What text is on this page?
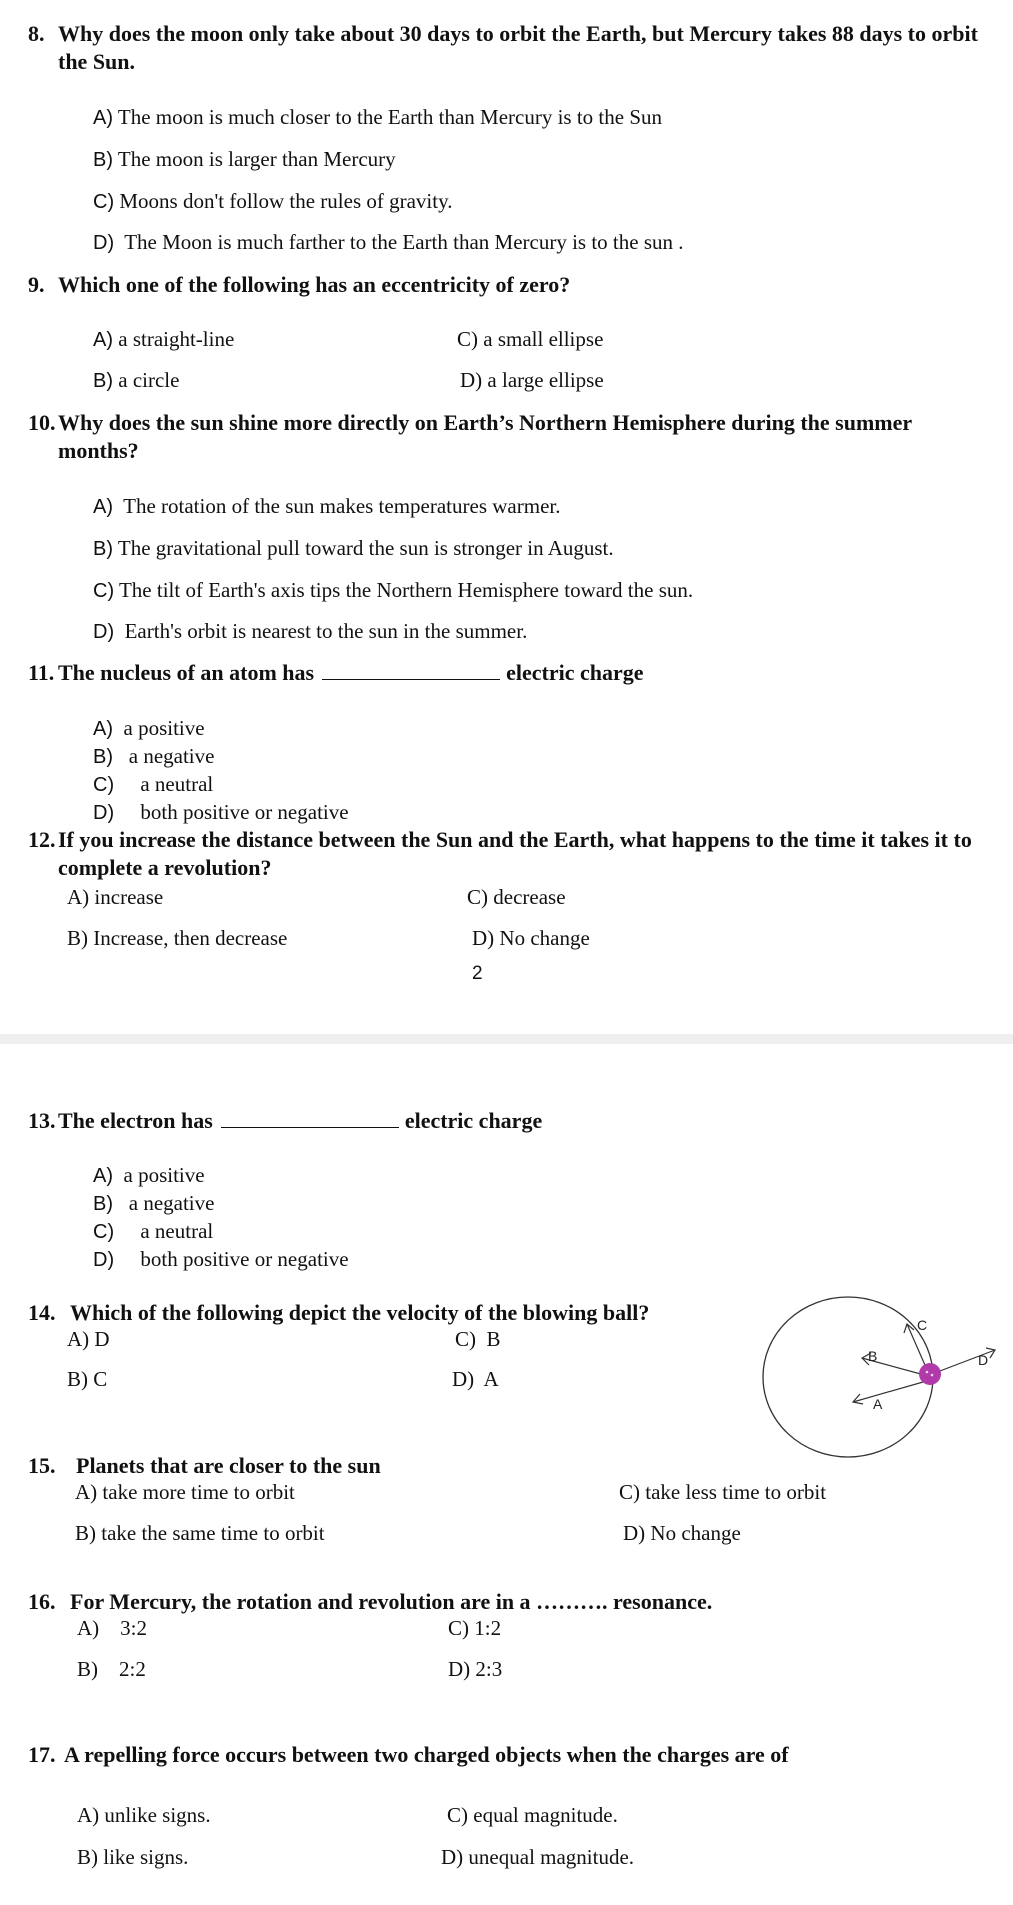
8. Why does the moon only take about 30 days to orbit the Earth, but Mercury takes 88 days to orbit the Sun.
A) The moon is much closer to the Earth than Mercury is to the Sun
B) The moon is larger than Mercury
C) Moons don't follow the rules of gravity.
D) The Moon is much farther to the Earth than Mercury is to the sun .
9. Which one of the following has an eccentricity of zero?
A) a straight-line
B) a circle
C) a small ellipse
D) a large ellipse
10. Why does the sun shine more directly on Earth’s Northern Hemisphere during the summer months?
A) The rotation of the sun makes temperatures warmer.
B) The gravitational pull toward the sun is stronger in August.
C) The tilt of Earth's axis tips the Northern Hemisphere toward the sun.
D) Earth's orbit is nearest to the sun in the summer.
11. The nucleus of an atom has	electric charge
A) a positive
B) a negative
C) a neutral
D) both positive or negative
12. If you increase the distance between the Sun and the Earth, what happens to the time it takes it to complete a revolution?
A) increase
B) Increase, then decrease
C) decrease
D) No change
2
13. The electron has	electric charge
A) a positive
B) a negative
C) a neutral
D) both positive or negative
14. Which of the following depict the velocity of the blowing ball?
A) D
B) C
C) B
D) A
B
A
C
D
15. Planets that are closer to the sun
A) take more time to orbit
B) take the same time to orbit
C) take less time to orbit
D) No change
16. For Mercury, the rotation and revolution are in a ………. resonance.
A) 3:2
B) 2:2
C) 1:2
D) 2:3
17. A repelling force occurs between two charged objects when the charges are of
A) unlike signs.
B) like signs.
C) equal magnitude.
D) unequal magnitude.
